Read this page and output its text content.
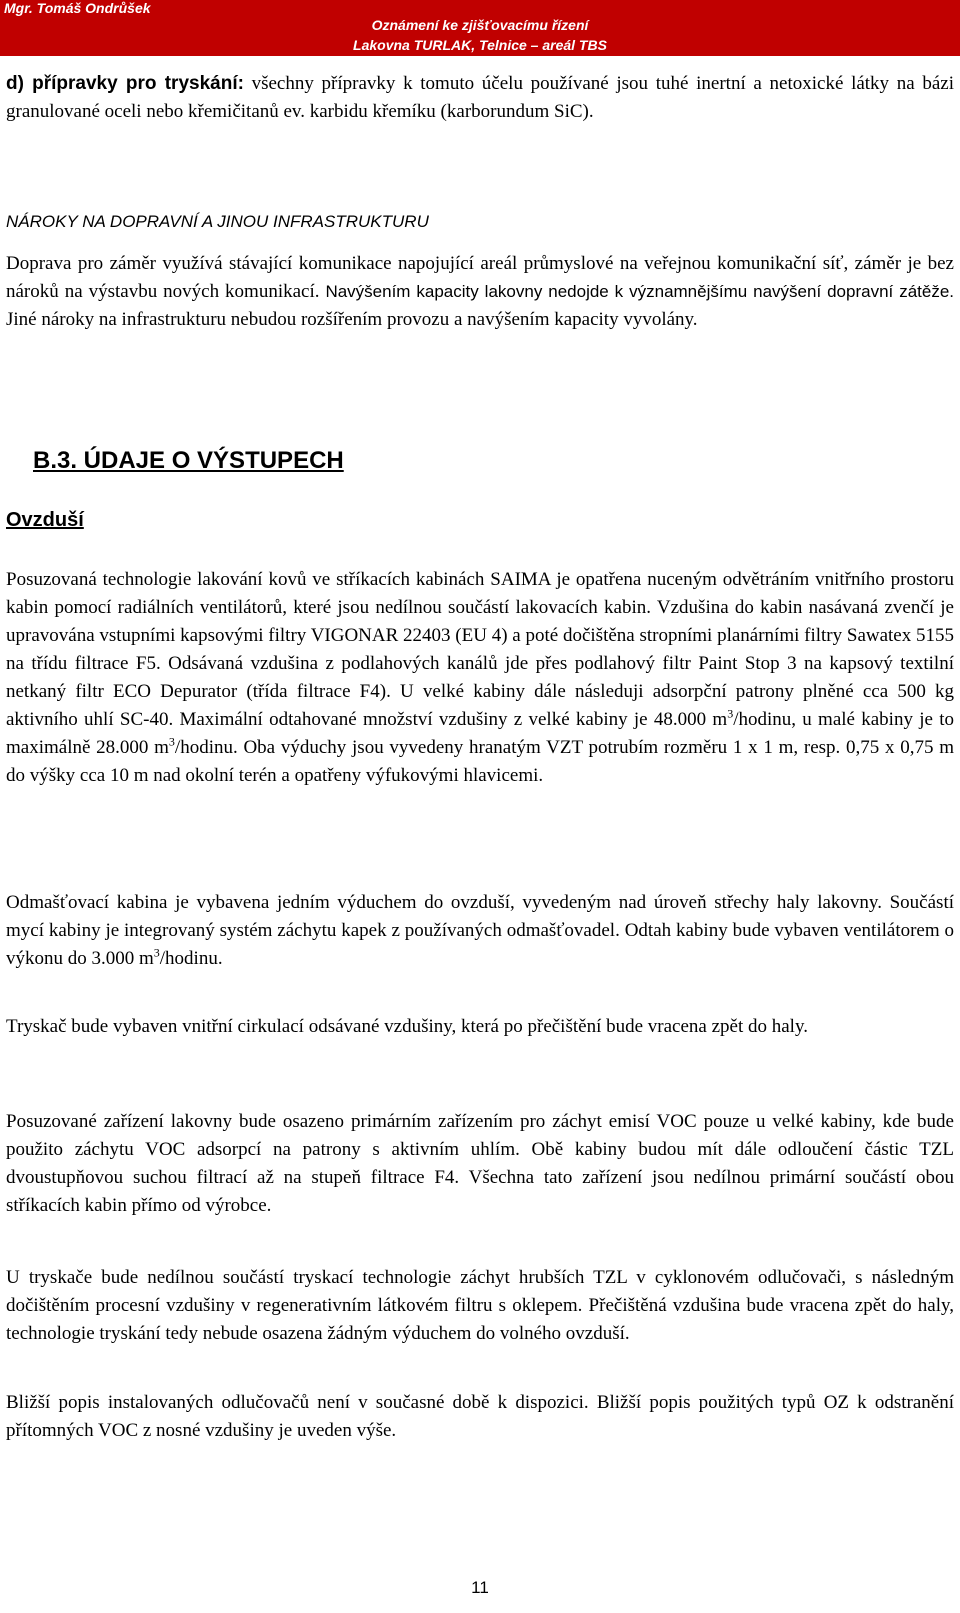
Mgr. Tomáš Ondrůšek
Oznámení ke zjišťovacímu řízení
Lakovna TURLAK, Telnice – areál TBS
d) přípravky pro tryskání: všechny přípravky k tomuto účelu používané jsou tuhé inertní a netoxické látky na bázi granulované oceli nebo křemičitanů ev. karbidu křemíku (karborundum SiC).
NÁROKY NA DOPRAVNÍ A JINOU INFRASTRUKTURU
Doprava pro záměr využívá stávající komunikace napojující areál průmyslové na veřejnou komunikační síť, záměr je bez nároků na výstavbu nových komunikací. Navýšením kapacity lakovny nedojde k významnějšímu navýšení dopravní zátěže. Jiné nároky na infrastrukturu nebudou rozšířením provozu a navýšením kapacity vyvolány.
B.3. ÚDAJE O VÝSTUPECH
Ovzduší
Posuzovaná technologie lakování kovů ve stříkacích kabinách SAIMA je opatřena nuceným odvětráním vnitřního prostoru kabin pomocí radiálních ventilátorů, které jsou nedílnou součástí lakovacích kabin. Vzdušina do kabin nasávaná zvenčí je upravována vstupními kapsovými filtry VIGONAR 22403 (EU 4) a poté dočištěna stropními planárními filtry Sawatex 5155 na třídu filtrace F5. Odsávaná vzdušina z podlahových kanálů jde přes podlahový filtr Paint Stop 3 na kapsový textilní netkaný filtr ECO Depurator (třída filtrace F4). U velké kabiny dále následuji adsorpční patrony plněné cca 500 kg aktivního uhlí SC-40. Maximální odtahované množství vzdušiny z velké kabiny je 48.000 $m^3$/hodinu, u malé kabiny je to maximálně 28.000 $m^3$/hodinu. Oba výduchy jsou vyvedeny hranatým VZT potrubím rozměru 1 x 1 m, resp. 0,75 x 0,75 m do výšky cca 10 m nad okolní terén a opatřeny výfukovými hlavicemi.
Odmašťovací kabina je vybavena jedním výduchem do ovzduší, vyvedeným nad úroveň střechy haly lakovny. Součástí mycí kabiny je integrovaný systém záchytu kapek z používaných odmašťovadel. Odtah kabiny bude vybaven ventilátorem o výkonu do 3.000 $m^3$/hodinu.
Tryskač bude vybaven vnitřní cirkulací odsávané vzdušiny, která po přečištění bude vracena zpět do haly.
Posuzované zařízení lakovny bude osazeno primárním zařízením pro záchyt emisí VOC pouze u velké kabiny, kde bude použito záchytu VOC adsorpcí na patrony s aktivním uhlím. Obě kabiny budou mít dále odloučení částic TZL dvoustupňovou suchou filtrací až na stupeň filtrace F4. Všechna tato zařízení jsou nedílnou primární součástí obou stříkacích kabin přímo od výrobce.
U tryskače bude nedílnou součástí tryskací technologie záchyt hrubších TZL v cyklonovém odlučovači, s následným dočištěním procesní vzdušiny v regenerativním látkovém filtru s oklepem. Přečištěná vzdušina bude vracena zpět do haly, technologie tryskání tedy nebude osazena žádným výduchem do volného ovzduší.
Bližší popis instalovaných odlučovačů není v současné době k dispozici. Bližší popis použitých typů OZ k odstranění přítomných VOC z nosné vzdušiny je uveden výše.
11
